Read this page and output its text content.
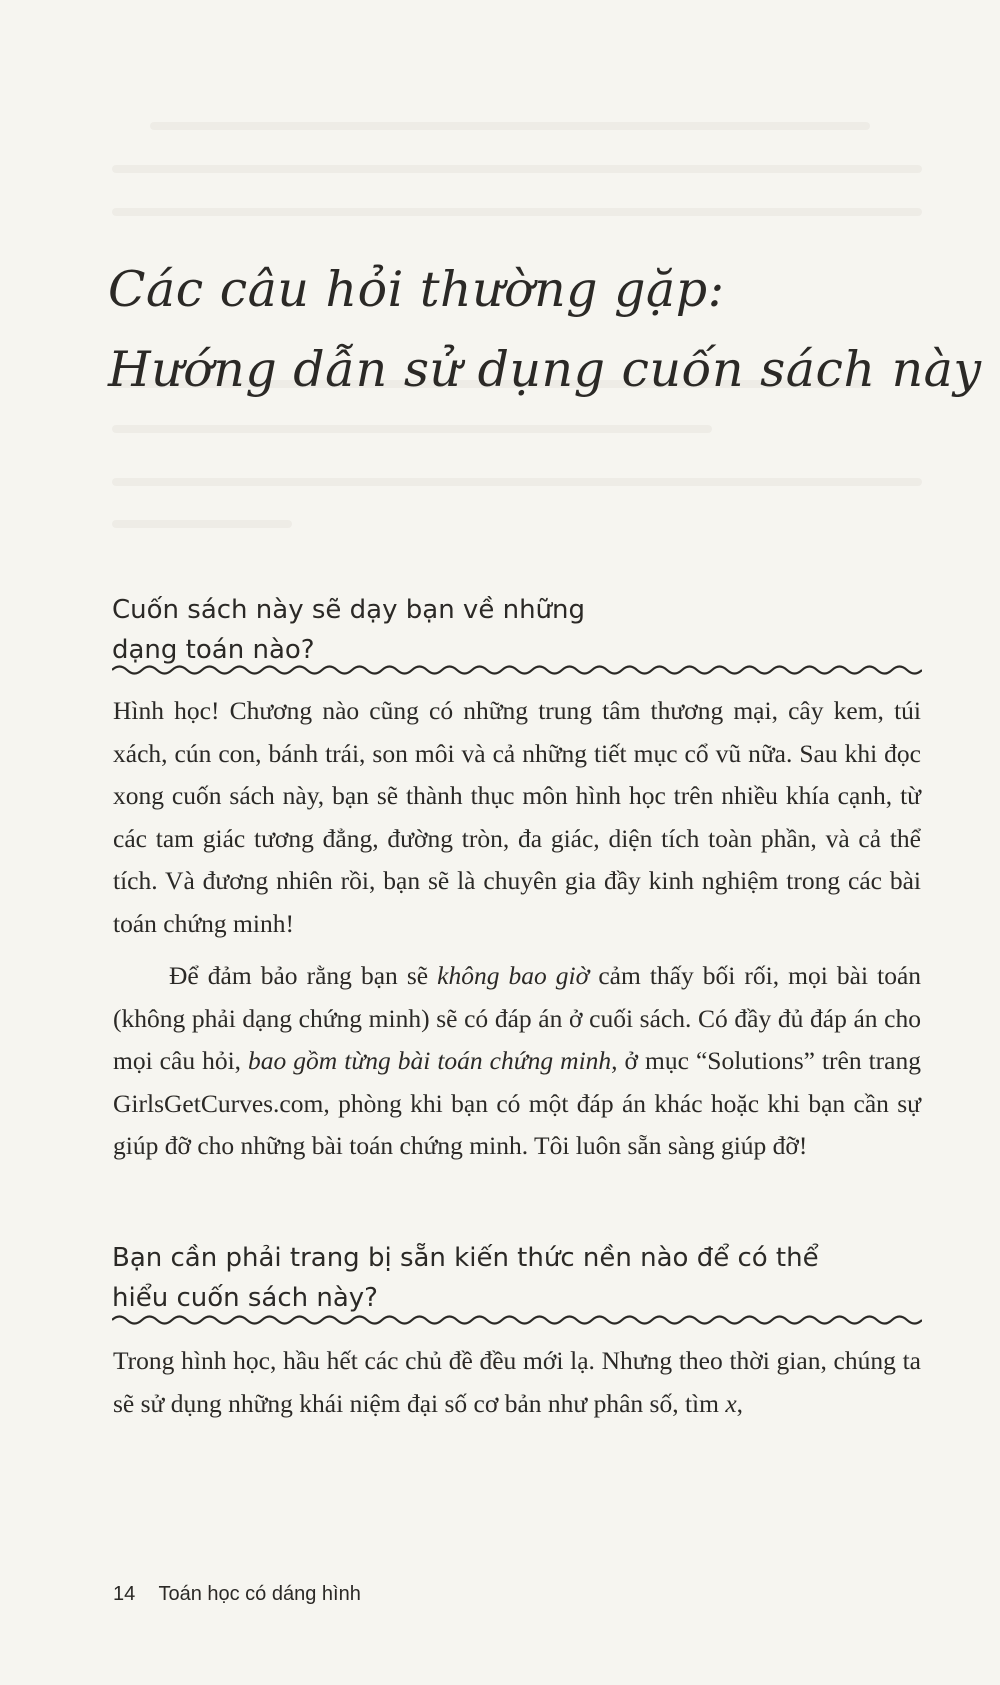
Các câu hỏi thường gặp:
Hướng dẫn sử dụng cuốn sách này
Cuốn sách này sẽ dạy bạn về những
dạng toán nào?

Hình học! Chương nào cũng có những trung tâm thương mại, cây kem, túi xách, cún con, bánh trái, son môi và cả những tiết mục cổ vũ nữa. Sau khi đọc xong cuốn sách này, bạn sẽ thành thục môn hình học trên nhiều khía cạnh, từ các tam giác tương đẳng, đường tròn, đa giác, diện tích toàn phần, và cả thể tích. Và đương nhiên rồi, bạn sẽ là chuyên gia đầy kinh nghiệm trong các bài toán chứng minh!

Để đảm bảo rằng bạn sẽ không bao giờ cảm thấy bối rối, mọi bài toán (không phải dạng chứng minh) sẽ có đáp án ở cuối sách. Có đầy đủ đáp án cho mọi câu hỏi, bao gồm từng bài toán chứng minh, ở mục “Solutions” trên trang GirlsGetCurves.com, phòng khi bạn có một đáp án khác hoặc khi bạn cần sự giúp đỡ cho những bài toán chứng minh. Tôi luôn sẵn sàng giúp đỡ!

Bạn cần phải trang bị sẵn kiến thức nền nào để có thể
hiểu cuốn sách này?

Trong hình học, hầu hết các chủ đề đều mới lạ. Nhưng theo thời gian, chúng ta sẽ sử dụng những khái niệm đại số cơ bản như phân số, tìm x,

14 Toán học có dáng hình
